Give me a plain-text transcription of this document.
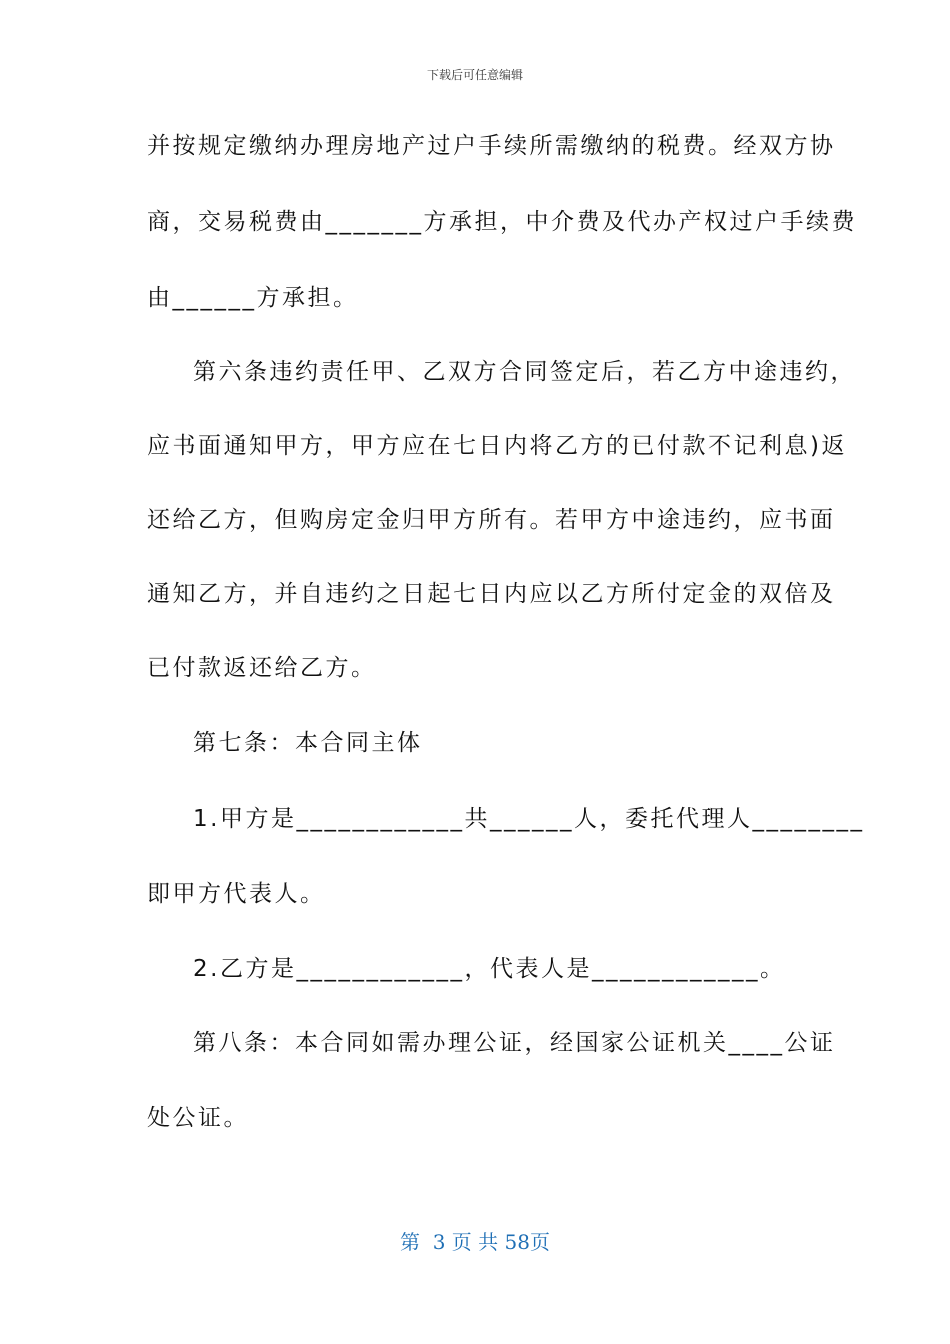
下载后可任意编辑
并按规定缴纳办理房地产过户手续所需缴纳的税费。经双方协
商，交易税费由_______方承担，中介费及代办产权过户手续费
由______方承担。
第六条违约责任甲、乙双方合同签定后，若乙方中途违约，
应书面通知甲方，甲方应在七日内将乙方的已付款不记利息)返
还给乙方，但购房定金归甲方所有。若甲方中途违约，应书面
通知乙方，并自违约之日起七日内应以乙方所付定金的双倍及
已付款返还给乙方。
第七条：本合同主体
1.甲方是____________共______人，委托代理人________
即甲方代表人。
2.乙方是____________，代表人是____________。
第八条：本合同如需办理公证，经国家公证机关____公证
处公证。
第  3 页 共 58页
